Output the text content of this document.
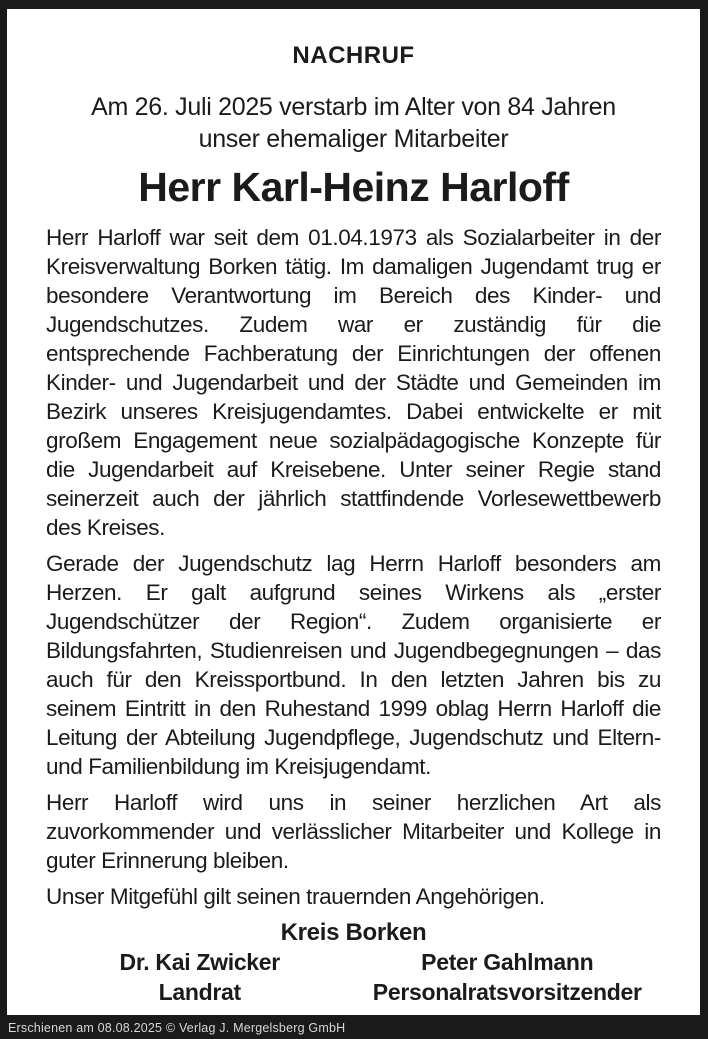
NACHRUF
Am 26. Juli 2025 verstarb im Alter von 84 Jahren
unser ehemaliger Mitarbeiter
Herr Karl-Heinz Harloff

Herr Harloff war seit dem 01.04.1973 als Sozialarbeiter in der Kreisverwaltung Borken tätig. Im damaligen Jugendamt trug er besondere Verantwortung im Bereich des Kinder- und Jugendschutzes. Zudem war er zuständig für die entsprechende Fachberatung der Einrichtungen der offenen Kinder- und Jugendarbeit und der Städte und Gemeinden im Bezirk unseres Kreisjugendamtes. Dabei entwickelte er mit großem Engagement neue sozialpädagogische Konzepte für die Jugendarbeit auf Kreisebene. Unter seiner Regie stand seinerzeit auch der jährlich stattfindende Vorlesewettbewerb des Kreises.

Gerade der Jugendschutz lag Herrn Harloff besonders am Herzen. Er galt aufgrund seines Wirkens als „erster Jugendschützer der Region“. Zudem organisierte er Bildungsfahrten, Studienreisen und Jugendbegegnungen – das auch für den Kreissportbund. In den letzten Jahren bis zu seinem Eintritt in den Ruhestand 1999 oblag Herrn Harloff die Leitung der Abteilung Jugendpflege, Jugendschutz und Eltern- und Familienbildung im Kreisjugendamt.

Herr Harloff wird uns in seiner herzlichen Art als zuvorkommender und verlässlicher Mitarbeiter und Kollege in guter Erinnerung bleiben.

Unser Mitgefühl gilt seinen trauernden Angehörigen.

Kreis Borken
Dr. Kai Zwicker
Landrat
Peter Gahlmann
Personalratsvorsitzender
Erschienen am 08.08.2025 © Verlag J. Mergelsberg GmbH
